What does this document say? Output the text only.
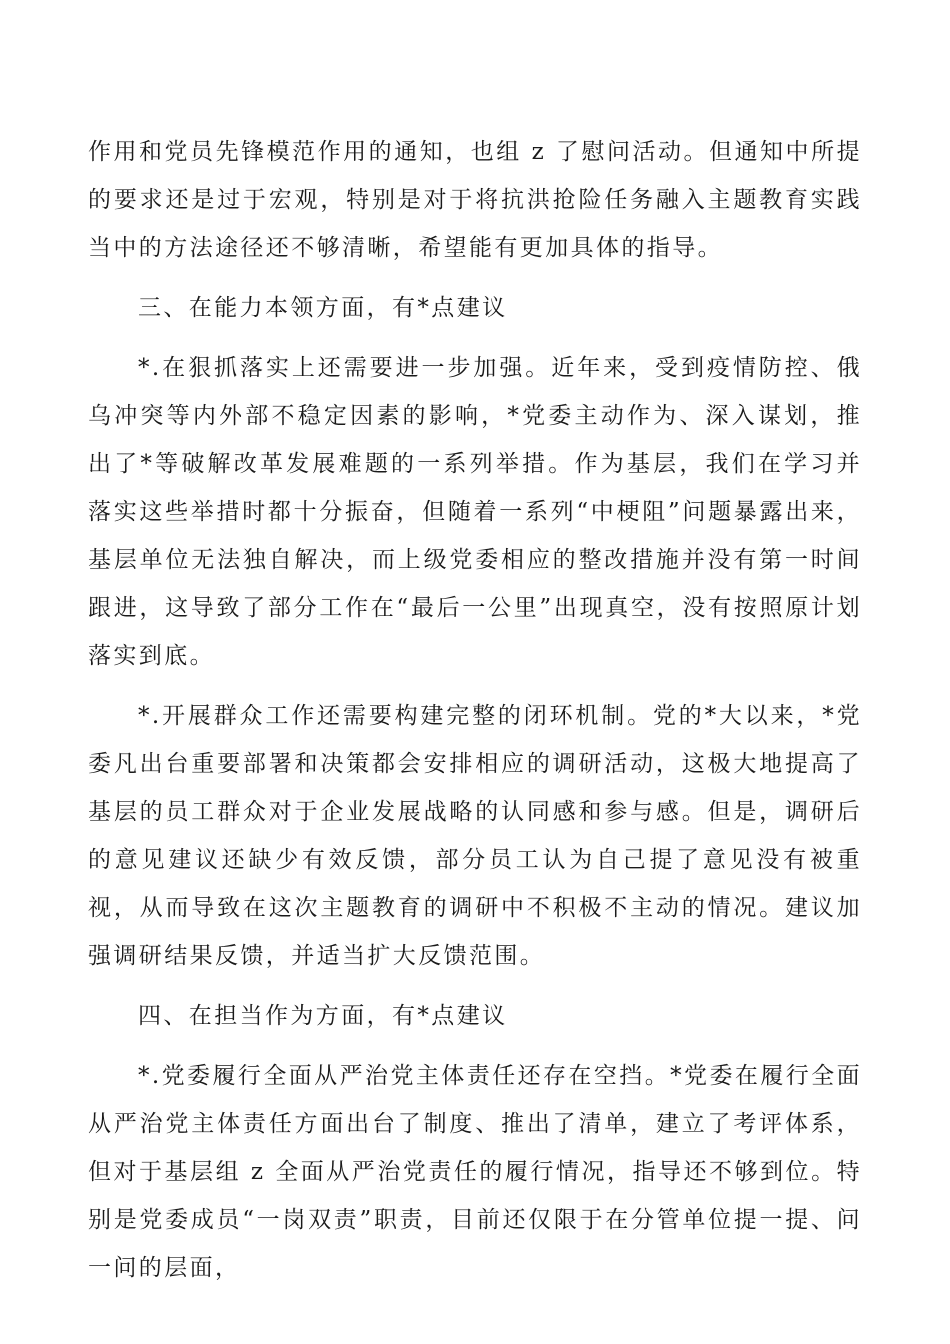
作用和党员先锋模范作用的通知，也组 z 了慰问活动。但通知中所提的要求还是过于宏观，特别是对于将抗洪抢险任务融入主题教育实践当中的方法途径还不够清晰，希望能有更加具体的指导。

三、在能力本领方面，有*点建议

*.在狠抓落实上还需要进一步加强。近年来，受到疫情防控、俄乌冲突等内外部不稳定因素的影响，*党委主动作为、深入谋划，推出了*等破解改革发展难题的一系列举措。作为基层，我们在学习并落实这些举措时都十分振奋，但随着一系列“中梗阻”问题暴露出来，基层单位无法独自解决，而上级党委相应的整改措施并没有第一时间跟进，这导致了部分工作在“最后一公里”出现真空，没有按照原计划落实到底。

*.开展群众工作还需要构建完整的闭环机制。党的*大以来，*党委凡出台重要部署和决策都会安排相应的调研活动，这极大地提高了基层的员工群众对于企业发展战略的认同感和参与感。但是，调研后的意见建议还缺少有效反馈，部分员工认为自己提了意见没有被重视，从而导致在这次主题教育的调研中不积极不主动的情况。建议加强调研结果反馈，并适当扩大反馈范围。

四、在担当作为方面，有*点建议

*.党委履行全面从严治党主体责任还存在空挡。*党委在履行全面从严治党主体责任方面出台了制度、推出了清单，建立了考评体系，但对于基层组 z 全面从严治党责任的履行情况，指导还不够到位。特别是党委成员“一岗双责”职责，目前还仅限于在分管单位提一提、问一问的层面，
